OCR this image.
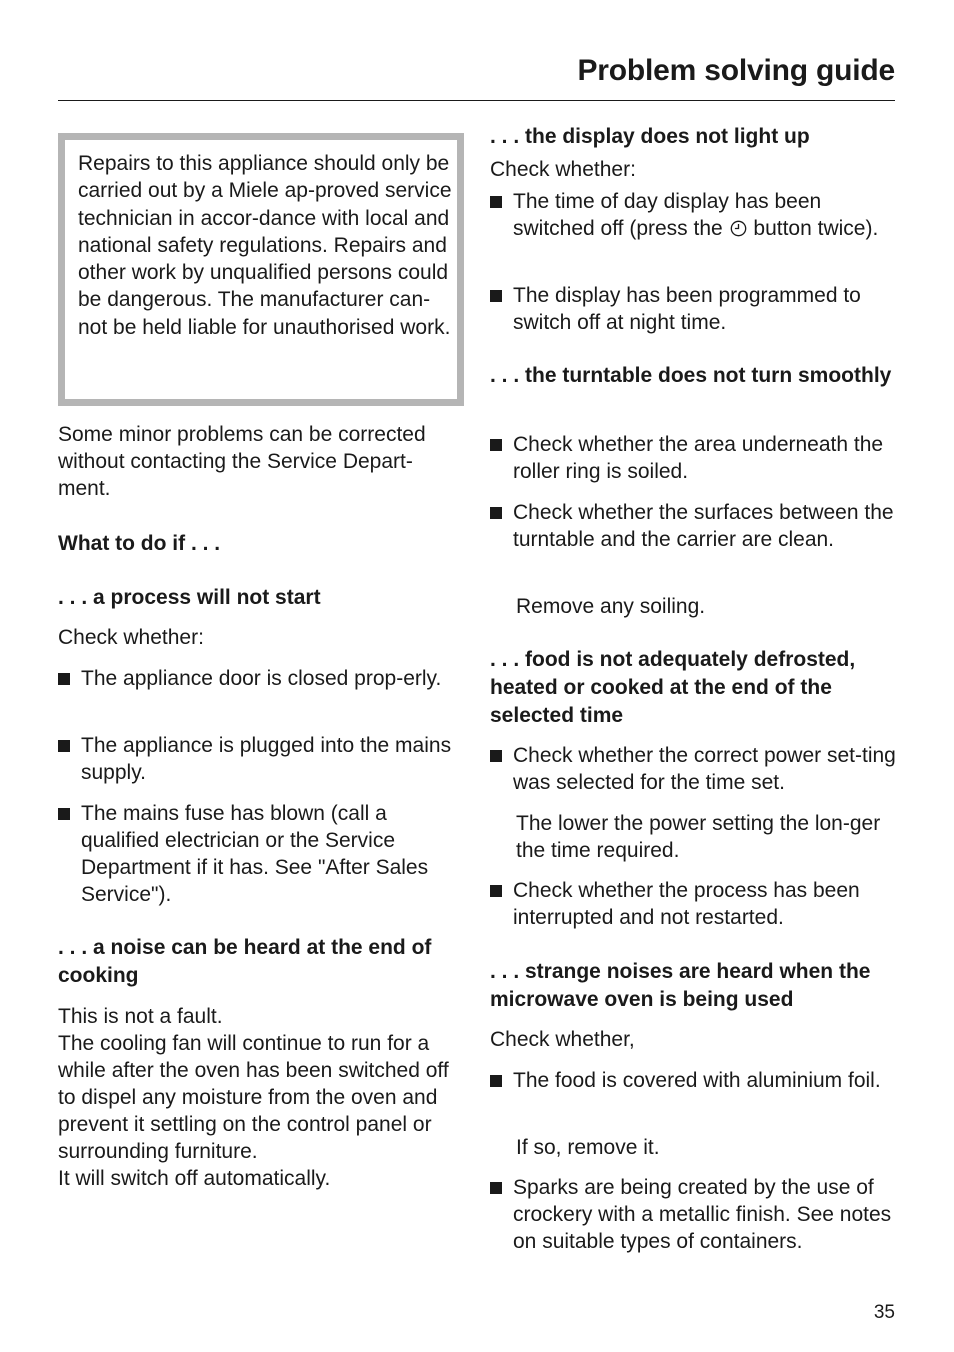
Problem solving guide

Repairs to this appliance should only be carried out by a Miele ap-proved service technician in accor-dance with local and national safety regulations. Repairs and other work by unqualified persons could be dangerous. The manufacturer can-not be held liable for unauthorised work.

Some minor problems can be corrected without contacting the Service Depart-ment.

What to do if . . .

. . . a process will not start

Check whether:

The appliance door is closed prop-erly.

The appliance is plugged into the mains supply.

The mains fuse has blown (call a qualified electrician or the Service Department if it has. See "After Sales Service").

. . . a noise can be heard at the end of cooking

This is not a fault.

The cooling fan will continue to run for a while after the oven has been switched off to dispel any moisture from the oven and prevent it settling on the control panel or surrounding furniture.

It will switch off automatically.

. . . the display does not light up

Check whether:

The time of day display has been switched off (press the button twice).

The display has been programmed to switch off at night time.

. . . the turntable does not turn smoothly

Check whether the area underneath the roller ring is soiled.

Check whether the surfaces between the turntable and the carrier are clean.

Remove any soiling.

. . . food is not adequately defrosted, heated or cooked at the end of the selected time

Check whether the correct power set-ting was selected for the time set.

The lower the power setting the lon-ger the time required.

Check whether the process has been interrupted and not restarted.

. . . strange noises are heard when the microwave oven is being used

Check whether,

The food is covered with aluminium foil.

If so, remove it.

Sparks are being created by the use of crockery with a metallic finish. See notes on suitable types of containers.

35
